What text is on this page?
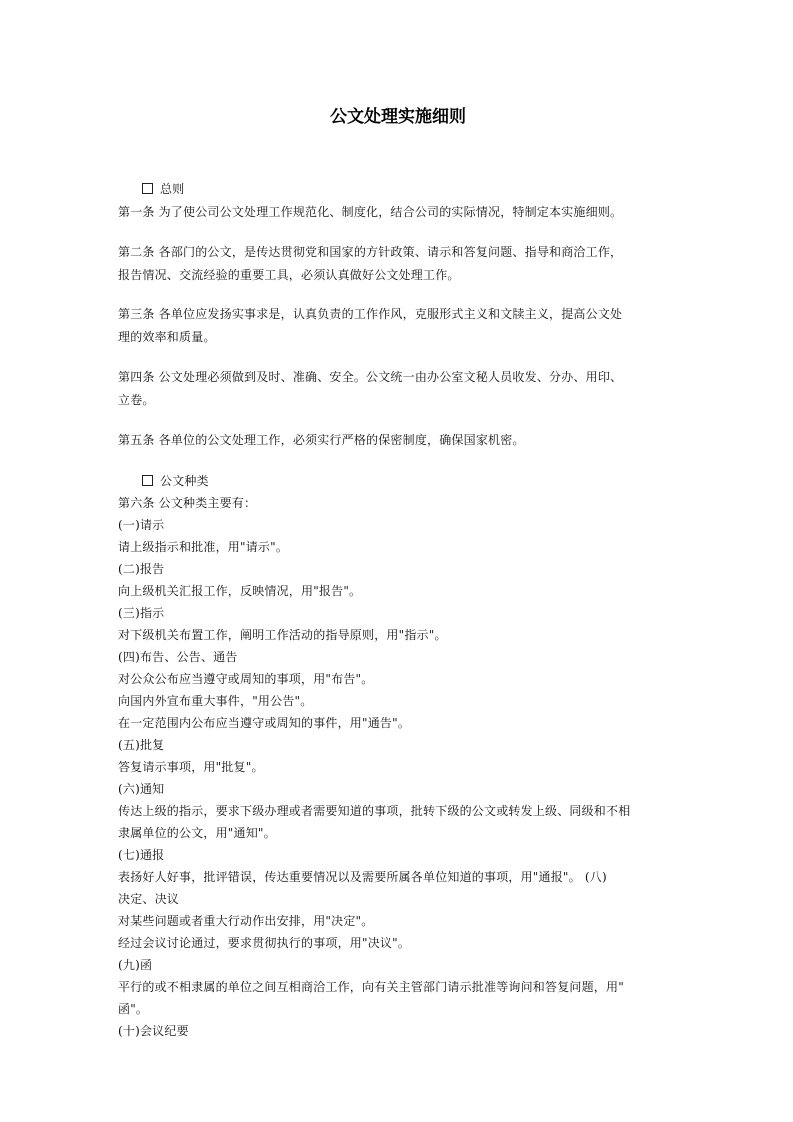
公文处理实施细则
总则
第一条 为了使公司公文处理工作规范化、制度化，结合公司的实际情况，特制定本实施细则。
第二条 各部门的公文，是传达贯彻党和国家的方针政策、请示和答复问题、指导和商洽工作，
报告情况、交流经验的重要工具，必须认真做好公文处理工作。
第三条 各单位应发扬实事求是，认真负责的工作作风，克服形式主义和文牍主义，提高公文处
理的效率和质量。
第四条 公文处理必须做到及时、准确、安全。公文统一由办公室文秘人员收发、分办、用印、
立卷。
第五条 各单位的公文处理工作，必须实行严格的保密制度，确保国家机密。
公文种类
第六条 公文种类主要有：
(一)请示
请上级指示和批准，用"请示"。
(二)报告
向上级机关汇报工作，反映情况，用"报告"。
(三)指示
对下级机关布置工作，阐明工作活动的指导原则，用"指示"。
(四)布告、公告、通告
对公众公布应当遵守或周知的事项，用"布告"。
向国内外宣布重大事件，"用公告"。
在一定范围内公布应当遵守或周知的事件，用"通告"。
(五)批复
答复请示事项，用"批复"。
(六)通知
传达上级的指示，要求下级办理或者需要知道的事项，批转下级的公文或转发上级、同级和不相
隶属单位的公文，用"通知"。
(七)通报
表扬好人好事，批评错误，传达重要情况以及需要所属各单位知道的事项，用"通报"。 (八)
决定、决议
对某些问题或者重大行动作出安排，用"决定"。
经过会议讨论通过，要求贯彻执行的事项，用"决议"。
(九)函
平行的或不相隶属的单位之间互相商洽工作，向有关主管部门请示批准等询问和答复问题，用"
函"。
(十)会议纪要
